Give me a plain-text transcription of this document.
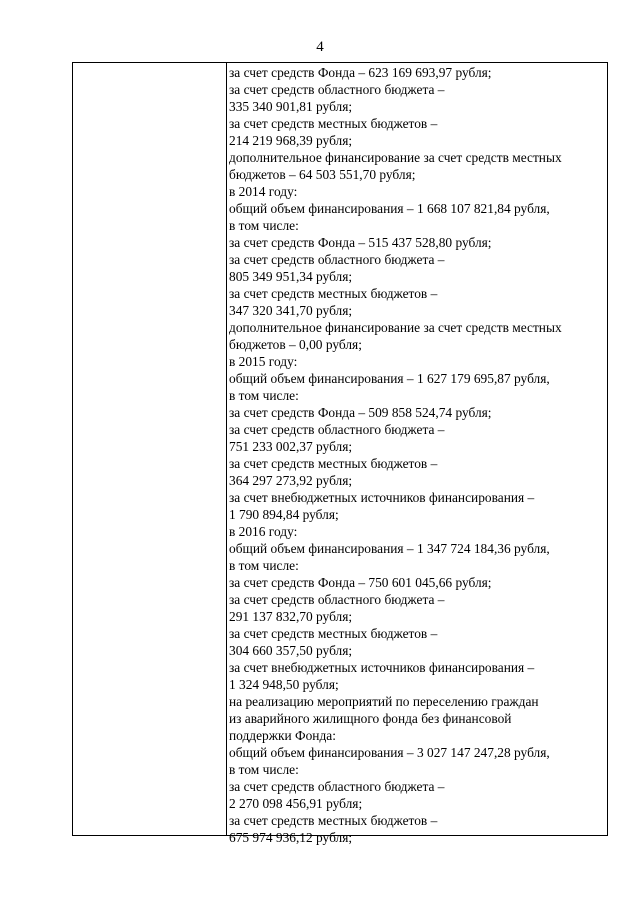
4
за счет средств Фонда – 623 169 693,97 рубля;
за счет средств областного бюджета –
335 340 901,81 рубля;
за счет средств местных бюджетов –
214 219 968,39 рубля;
дополнительное финансирование за счет средств местных
бюджетов – 64 503 551,70 рубля;
в 2014 году:
общий объем финансирования – 1 668 107 821,84 рубля,
в том числе:
за счет средств Фонда – 515 437 528,80 рубля;
за счет средств областного бюджета –
805 349 951,34 рубля;
за счет средств местных бюджетов –
347 320 341,70 рубля;
дополнительное финансирование за счет средств местных
бюджетов – 0,00 рубля;
в 2015 году:
общий объем финансирования – 1 627 179 695,87 рубля,
в том числе:
за счет средств Фонда – 509 858 524,74 рубля;
за счет средств областного бюджета –
751 233 002,37 рубля;
за счет средств местных бюджетов –
364 297 273,92 рубля;
за счет внебюджетных источников финансирования –
1 790 894,84 рубля;
в 2016 году:
общий объем финансирования – 1 347 724 184,36 рубля,
в том числе:
за счет средств Фонда – 750 601 045,66 рубля;
за счет средств областного бюджета –
291 137 832,70 рубля;
за счет средств местных бюджетов –
304 660 357,50 рубля;
за счет внебюджетных источников финансирования –
1 324 948,50 рубля;
на реализацию мероприятий по переселению граждан
из аварийного жилищного фонда без финансовой
поддержки Фонда:
общий объем финансирования – 3 027 147 247,28 рубля,
в том числе:
за счет средств областного бюджета –
2 270 098 456,91 рубля;
за счет средств местных бюджетов –
675 974 936,12 рубля;
